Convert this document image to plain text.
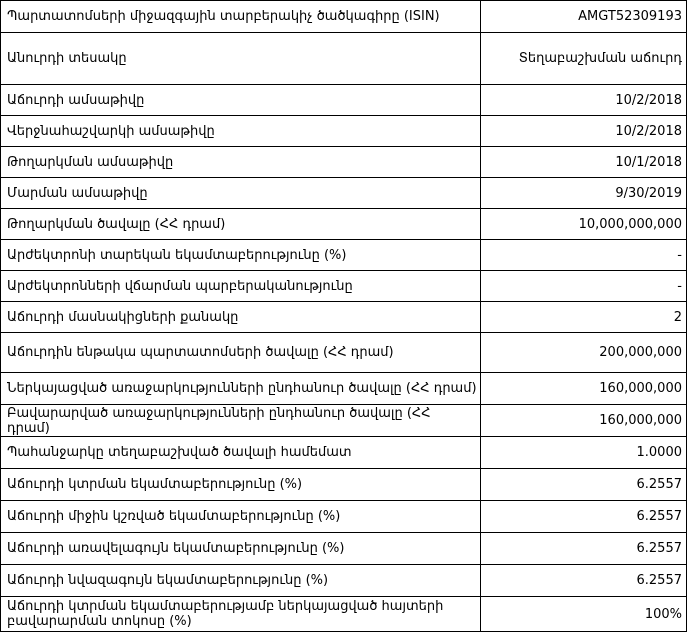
Պարտատոմսերի միջազգային տարբերակիչ ծածկագիրը (ISIN)	AMGT52309193
Անուրդի տեսակը	Տեղաբաշխման աճուրդ
Աճուրդի ամսաթիվը	10/2/2018
Վերջնահաշվարկի ամսաթիվը	10/2/2018
Թողարկման ամսաթիվը	10/1/2018
Մարման ամսաթիվը	9/30/2019
Թողարկման ծավալը (ՀՀ դրամ)	10,000,000,000
Արժեկտրոնի տարեկան եկամտաբերությունը (%)	-
Արժեկտրոնների վճարման պարբերականությունը	-
Աճուրդի մասնակիցների քանակը	2
Աճուրդին ենթակա պարտատոմսերի ծավալը (ՀՀ դրամ)	200,000,000
Ներկայացված առաջարկությունների ընդհանուր ծավալը (ՀՀ դրամ)	160,000,000
Բավարարված առաջարկությունների ընդհանուր ծավալը (ՀՀ դրամ)	160,000,000
Պահանջարկը տեղաբաշխված ծավալի համեմատ	1.0000
Աճուրդի կտրման եկամտաբերությունը (%)	6.2557
Աճուրդի միջին կշռված եկամտաբերությունը (%)	6.2557
Աճուրդի առավելագույն եկամտաբերությունը (%)	6.2557
Աճուրդի նվազագույն եկամտաբերությունը (%)	6.2557
Աճուրդի կտրման եկամտաբերությամբ ներկայացված հայտերի բավարարման տոկոսը (%)	100%
